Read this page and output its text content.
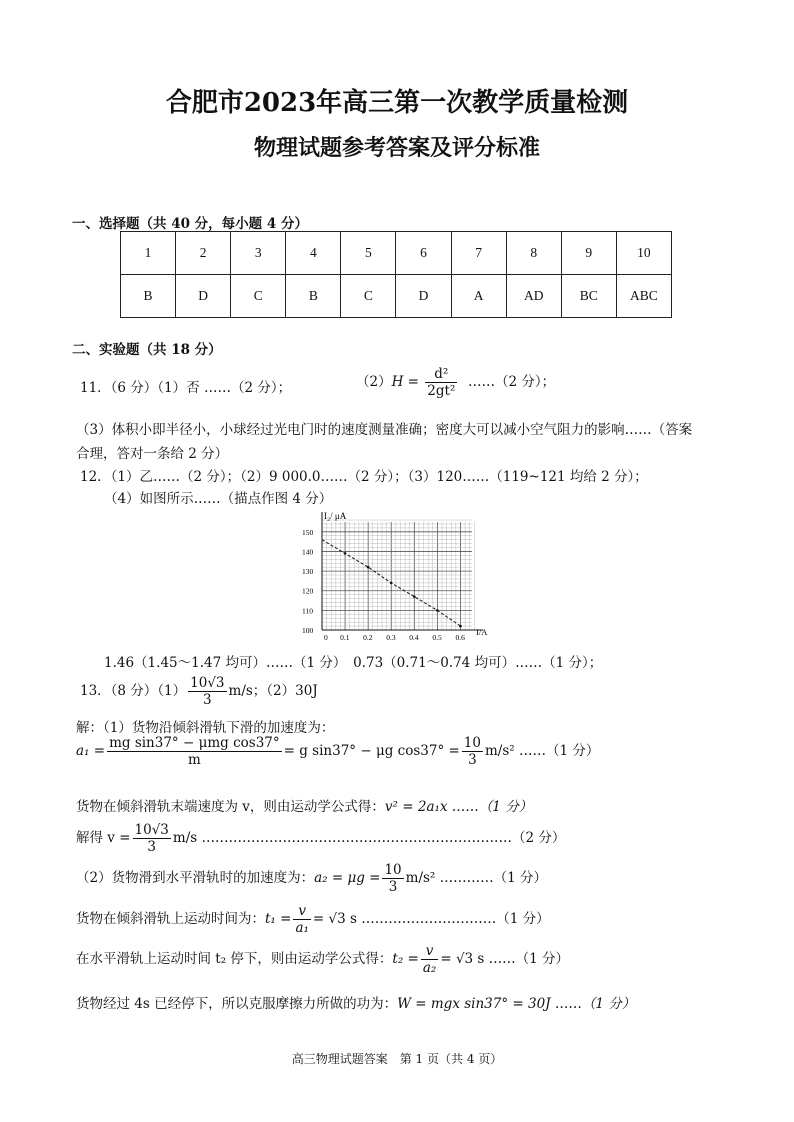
合肥市2023年高三第一次教学质量检测
物理试题参考答案及评分标准
一、选择题（共 40 分，每小题 4 分）
1	2	3	4	5	6	7	8	9	10
B	D	C	B	C	D	A	AD	BC	ABC
二、实验题（共 18 分）
11．（6 分）（1）否 ……（2 分）；	$(2)H = \frac{\text{d²}}{\text{2gt²}}$ ……（2 分）；
（3）体积小即半径小，小球经过光电门时的速度测量准确；密度大可以减小空气阻力的影响……（答案
合理，答对一条给 2 分）
12．（1）乙……（2 分）；（2）9 000.0……（2 分）；（3）120……（119~121 均给 2 分）；
（4）如图所示……（描点作图 4 分）
0 0.1 0.2 0.3 0.4 0.5 0.6
100
110
120
130
140
150
I₂/ μA
I/A
1.46（1.45～1.47 均可）……（1 分）　0.73（0.71～0.74 均可）……（1 分）；
13．（8 分）$(1) \frac{10√3}{3} m/s$；（2）30J
解：（1）货物沿倾斜滑轨下滑的加速度为：
$a_1 = \frac{\text{mg sin37° − μmg cos37°}}{m} = g$ sin37° − μg $\cos 37^\circ = \frac{10}{3} m/s^2$ ……（1 分）
货物在倾斜滑轨末端速度为 v，则由运动学公式得：v² = 2a₁x ……（1 分）
解得 $v = \frac{10√3}{3} m/s$ ……………………………………………………………（2 分）
（2）货物滑到水平滑轨时的加速度为：$a_2 = \mu g = \frac{10}{3} m/s^2$ …………（1 分）
货物在倾斜滑轨上运动时间为：$t_1 = \frac{v}{\text{a₁}} = √3$ s …………………………（1 分）
在水平滑轨上运动时间 t₂ 停下，则由运动学公式得：$t_2 = \frac{v}{\text{a₂}} = √3$ s ……（1 分）
货物经过 4s 已经停下，所以克服摩擦力所做的功为：W = mgx sin37° = 30J ……（1 分）
高三物理试题答案　第 1 页（共 4 页）
